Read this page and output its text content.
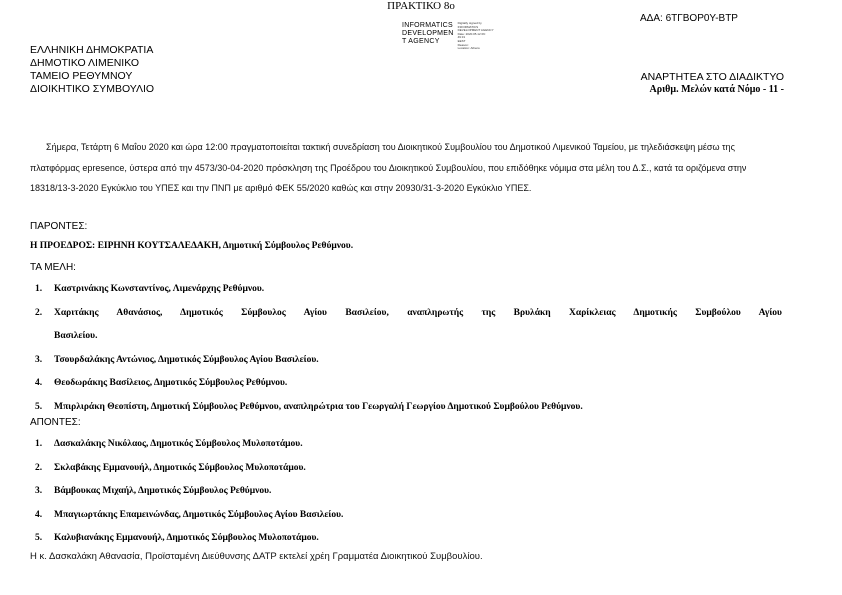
ΑΔΑ: 6ΤΓΒΟΡ0Υ-ΒΤΡ
INFORMATICS
DEVELOPMEN
T AGENCY
Digitally signed by
INFORMATICS
DEVELOPMENT AGENCY
Date: 2020.05.12 09:
49:31
EEST
Reason:
Location: Athens
ΕΛΛΗΝΙΚΗ ΔΗΜΟΚΡΑΤΙΑ
ΔΗΜΟΤΙΚΟ ΛΙΜΕΝΙΚΟ
ΤΑΜΕΙΟ ΡΕΘΥΜΝΟΥ
ΔΙΟΙΚΗΤΙΚΟ ΣΥΜΒΟΥΛΙΟ
ΑΝΑΡΤΗΤΕΑ ΣΤΟ ΔΙΑΔΙΚΤΥΟ
Αριθμ. Μελών κατά Νόμο - 11 -
ΠΡΑΚΤΙΚΟ 8ο
Σήμερα, Τετάρτη 6 Μαΐου 2020 και ώρα 12:00 πραγματοποιείται τακτική συνεδρίαση του Διοικητικού Συμβουλίου του Δημοτικού Λιμενικού Ταμείου, με τηλεδιάσκεψη μέσω της πλατφόρμας epresence, ύστερα από την 4573/30-04-2020 πρόσκληση της Προέδρου του Διοικητικού Συμβουλίου, που επιδόθηκε νόμιμα στα μέλη του Δ.Σ., κατά τα οριζόμενα στην 18318/13-3-2020 Εγκύκλιο του ΥΠΕΣ και την ΠΝΠ με αριθμό ΦΕΚ 55/2020 καθώς και στην 20930/31-3-2020 Εγκύκλιο ΥΠΕΣ.
ΠΑΡΟΝΤΕΣ:
Η ΠΡΟΕΔΡΟΣ: ΕΙΡΗΝΗ ΚΟΥΤΣΑΛΕΔΑΚΗ, Δημοτική Σύμβουλος Ρεθύμνου.
ΤΑ ΜΕΛΗ:
1. Καστρινάκης Κωνσταντίνος, Λιμενάρχης Ρεθύμνου.
2. Χαριτάκης Αθανάσιος, Δημοτικός Σύμβουλος Αγίου Βασιλείου, αναπληρωτής της Βρυλάκη Χαρίκλειας Δημοτικής Συμβούλου Αγίου
Βασιλείου.
3. Τσουρδαλάκης Αντώνιος, Δημοτικός Σύμβουλος Αγίου Βασιλείου.
4. Θεοδωράκης Βασίλειος, Δημοτικός Σύμβουλος Ρεθύμνου.
5. Μπιρλιράκη Θεοπίστη, Δημοτική Σύμβουλος Ρεθύμνου, αναπληρώτρια του Γεωργαλή Γεωργίου Δημοτικού Συμβούλου Ρεθύμνου.
ΑΠΟΝΤΕΣ:
1. Δασκαλάκης Νικόλαος, Δημοτικός Σύμβουλος Μυλοποτάμου.
2. Σκλαβάκης Εμμανουήλ, Δημοτικός Σύμβουλος Μυλοποτάμου.
3. Βάμβουκας Μιχαήλ, Δημοτικός Σύμβουλος Ρεθύμνου.
4. Μπαγιωρτάκης Επαμεινώνδας, Δημοτικός Σύμβουλος Αγίου Βασιλείου.
5. Καλυβιανάκης Εμμανουήλ, Δημοτικός Σύμβουλος Μυλοποτάμου.
Η κ. Δασκαλάκη Αθανασία, Προϊσταμένη Διεύθυνσης ΔΑΤΡ εκτελεί χρέη Γραμματέα Διοικητικού Συμβουλίου.
